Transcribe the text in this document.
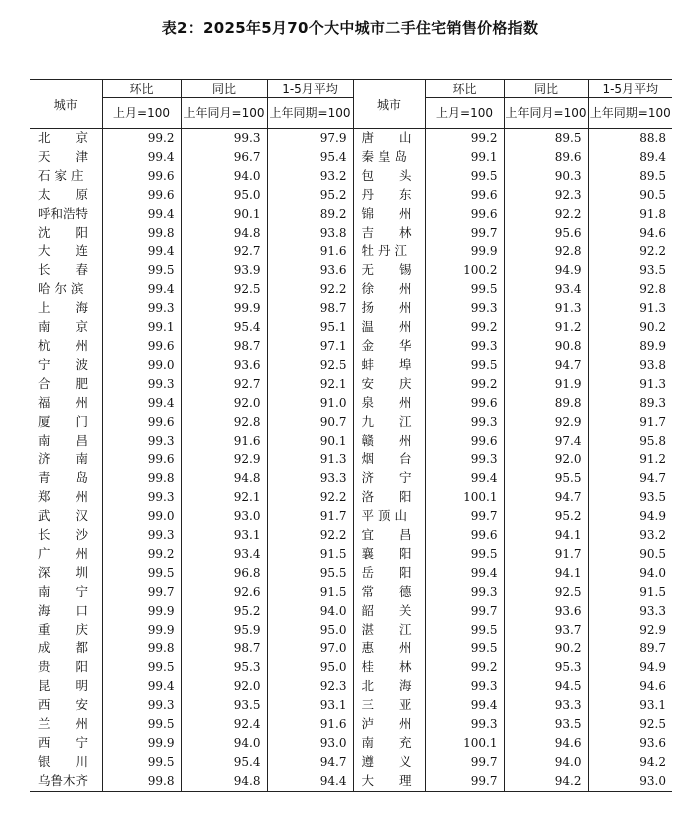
表2：2025年5月70个大中城市二手住宅销售价格指数
城市	环比	同比	1-5月平均	城市	环比	同比	1-5月平均
	上月=100	上年同月=100	上年同期=100		上月=100	上年同月=100	上年同期=100
北　　京	99.2	99.3	97.9	唐　　山	99.2	89.5	88.8
天　　津	99.4	96.7	95.4	秦 皇 岛	99.1	89.6	89.4
石 家 庄	99.6	94.0	93.2	包　　头	99.5	90.3	89.5
太　　原	99.6	95.0	95.2	丹　　东	99.6	92.3	90.5
呼和浩特	99.4	90.1	89.2	锦　　州	99.6	92.2	91.8
沈　　阳	99.8	94.8	93.8	吉　　林	99.7	95.6	94.6
大　　连	99.4	92.7	91.6	牡 丹 江	99.9	92.8	92.2
长　　春	99.5	93.9	93.6	无　　锡	100.2	94.9	93.5
哈 尔 滨	99.4	92.5	92.2	徐　　州	99.5	93.4	92.8
上　　海	99.3	99.9	98.7	扬　　州	99.3	91.3	91.3
南　　京	99.1	95.4	95.1	温　　州	99.2	91.2	90.2
杭　　州	99.6	98.7	97.1	金　　华	99.3	90.8	89.9
宁　　波	99.0	93.6	92.5	蚌　　埠	99.5	94.7	93.8
合　　肥	99.3	92.7	92.1	安　　庆	99.2	91.9	91.3
福　　州	99.4	92.0	91.0	泉　　州	99.6	89.8	89.3
厦　　门	99.6	92.8	90.7	九　　江	99.3	92.9	91.7
南　　昌	99.3	91.6	90.1	赣　　州	99.6	97.4	95.8
济　　南	99.6	92.9	91.3	烟　　台	99.3	92.0	91.2
青　　岛	99.8	94.8	93.3	济　　宁	99.4	95.5	94.7
郑　　州	99.3	92.1	92.2	洛　　阳	100.1	94.7	93.5
武　　汉	99.0	93.0	91.7	平 顶 山	99.7	95.2	94.9
长　　沙	99.3	93.1	92.2	宜　　昌	99.6	94.1	93.2
广　　州	99.2	93.4	91.5	襄　　阳	99.5	91.7	90.5
深　　圳	99.5	96.8	95.5	岳　　阳	99.4	94.1	94.0
南　　宁	99.7	92.6	91.5	常　　德	99.3	92.5	91.5
海　　口	99.9	95.2	94.0	韶　　关	99.7	93.6	93.3
重　　庆	99.9	95.9	95.0	湛　　江	99.5	93.7	92.9
成　　都	99.8	98.7	97.0	惠　　州	99.5	90.2	89.7
贵　　阳	99.5	95.3	95.0	桂　　林	99.2	95.3	94.9
昆　　明	99.4	92.0	92.3	北　　海	99.3	94.5	94.6
西　　安	99.3	93.5	93.1	三　　亚	99.4	93.3	93.1
兰　　州	99.5	92.4	91.6	泸　　州	99.3	93.5	92.5
西　　宁	99.9	94.0	93.0	南　　充	100.1	94.6	93.6
银　　川	99.5	95.4	94.7	遵　　义	99.7	94.0	94.2
乌鲁木齐	99.8	94.8	94.4	大　　理	99.7	94.2	93.0
